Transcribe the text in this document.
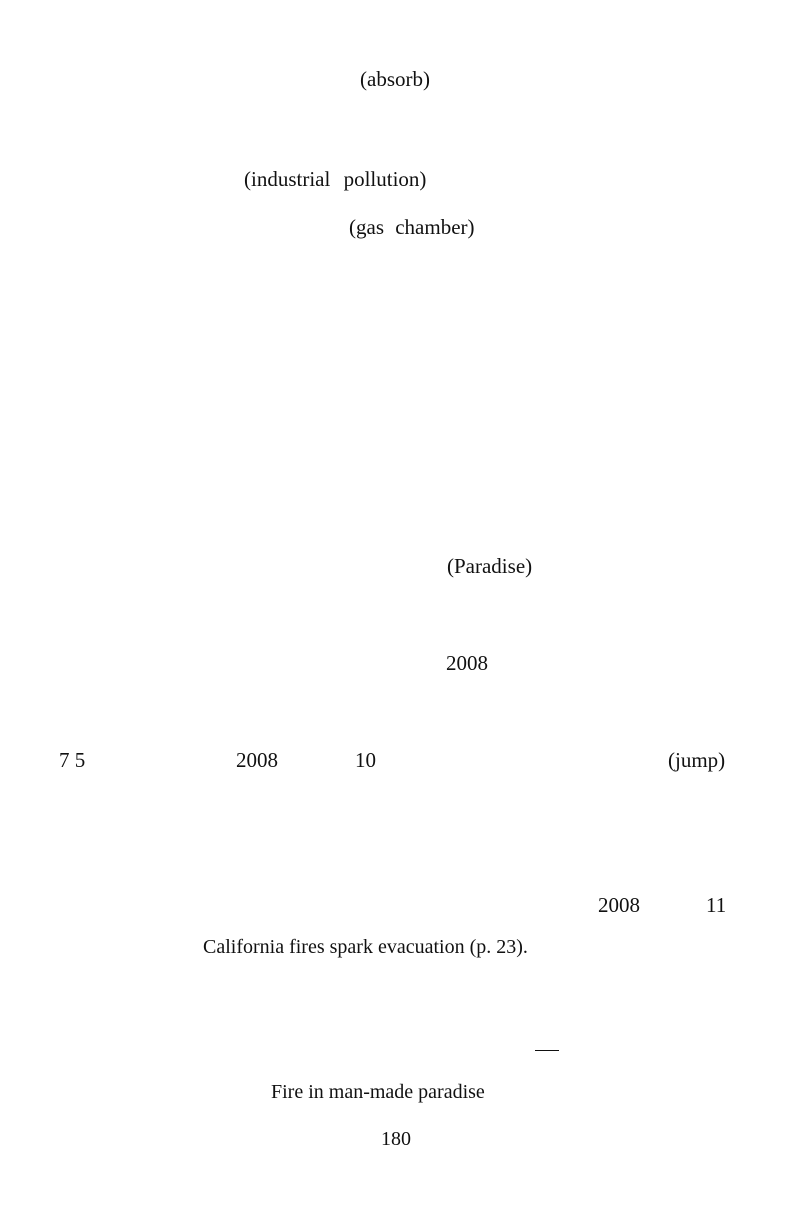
(absorb)
(industrial pollution)
(gas chamber)
(Paradise)
2008
7 5	2008	10	(jump)
2008	11
California fires spark evacuation (p. 23).
Fire in man-made paradise
180
